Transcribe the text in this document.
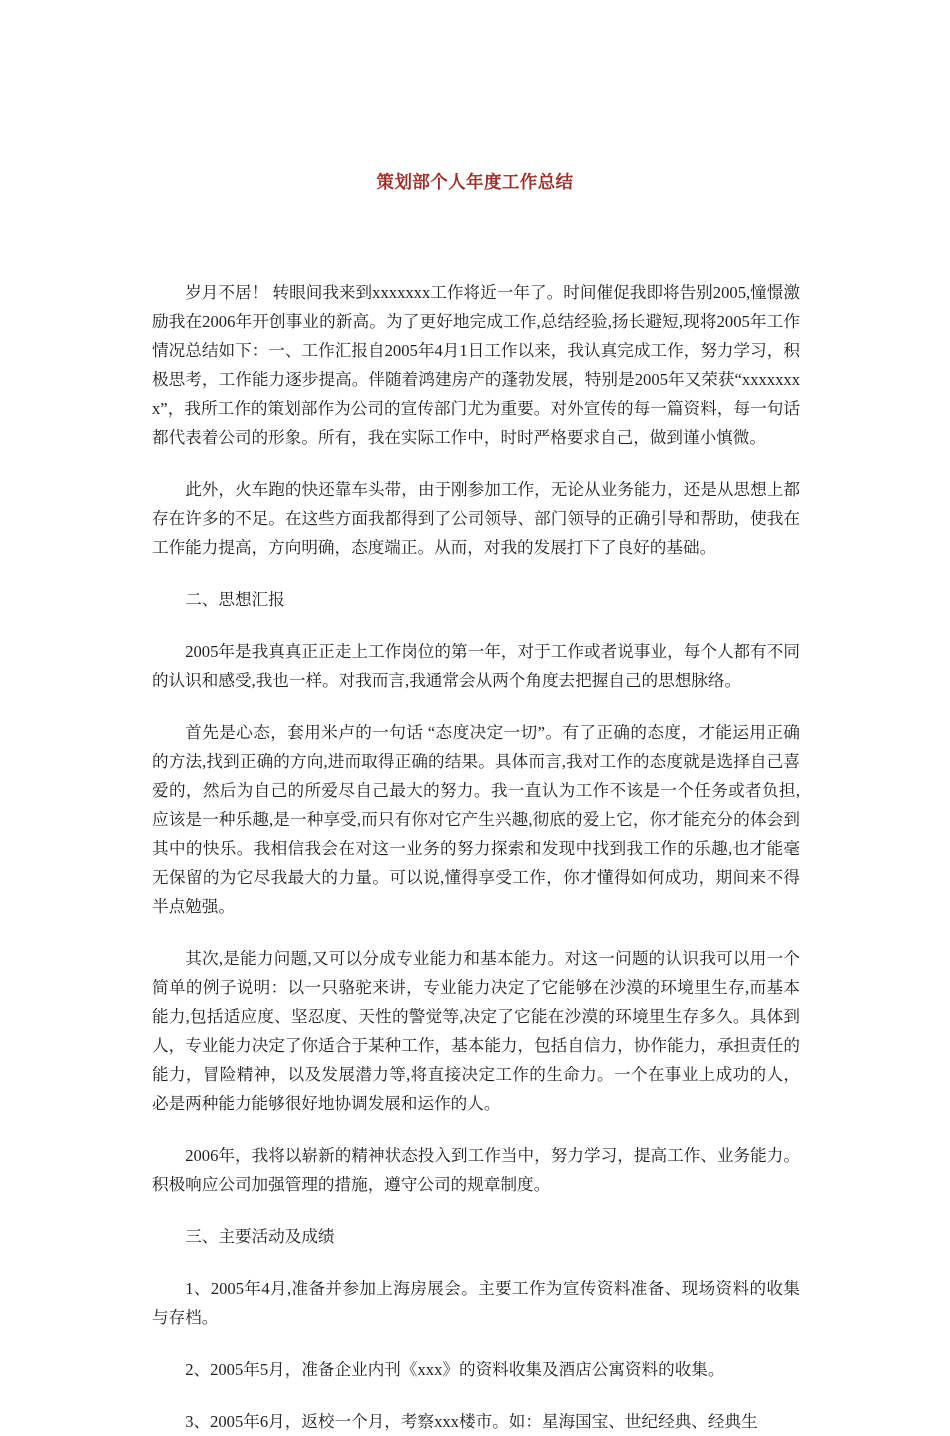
策划部个人年度工作总结

岁月不居！ 转眼间我来到xxxxxxx工作将近一年了。时间催促我即将告别2005,憧憬激励我在2006年开创事业的新高。为了更好地完成工作,总结经验,扬长避短,现将2005年工作情况总结如下：一、工作汇报自2005年4月1日工作以来，我认真完成工作，努力学习，积极思考，工作能力逐步提高。伴随着鸿建房产的蓬勃发展，特别是2005年又荣获“xxxxxxxx”，我所工作的策划部作为公司的宣传部门尤为重要。对外宣传的每一篇资料，每一句话都代表着公司的形象。所有，我在实际工作中，时时严格要求自己，做到谨小慎微。

此外，火车跑的快还靠车头带，由于刚参加工作，无论从业务能力，还是从思想上都存在许多的不足。在这些方面我都得到了公司领导、部门领导的正确引导和帮助，使我在工作能力提高，方向明确，态度端正。从而，对我的发展打下了良好的基础。

二、思想汇报

2005年是我真真正正走上工作岗位的第一年，对于工作或者说事业，每个人都有不同的认识和感受,我也一样。对我而言,我通常会从两个角度去把握自己的思想脉络。

首先是心态，套用米卢的一句话 “态度决定一切”。有了正确的态度，才能运用正确的方法,找到正确的方向,进而取得正确的结果。具体而言,我对工作的态度就是选择自己喜爱的，然后为自己的所爱尽自己最大的努力。我一直认为工作不该是一个任务或者负担,应该是一种乐趣,是一种享受,而只有你对它产生兴趣,彻底的爱上它，你才能充分的体会到其中的快乐。我相信我会在对这一业务的努力探索和发现中找到我工作的乐趣,也才能毫无保留的为它尽我最大的力量。可以说,懂得享受工作，你才懂得如何成功，期间来不得半点勉强。

其次,是能力问题,又可以分成专业能力和基本能力。对这一问题的认识我可以用一个简单的例子说明：以一只骆驼来讲，专业能力决定了它能够在沙漠的环境里生存,而基本能力,包括适应度、坚忍度、天性的警觉等,决定了它能在沙漠的环境里生存多久。具体到人，专业能力决定了你适合于某种工作，基本能力，包括自信力，协作能力，承担责任的能力，冒险精神，以及发展潜力等,将直接决定工作的生命力。一个在事业上成功的人，必是两种能力能够很好地协调发展和运作的人。

2006年，我将以崭新的精神状态投入到工作当中，努力学习，提高工作、业务能力。积极响应公司加强管理的措施，遵守公司的规章制度。

三、主要活动及成绩

1、2005年4月,准备并参加上海房展会。主要工作为宣传资料准备、现场资料的收集与存档。

2、2005年5月，准备企业内刊《xxx》的资料收集及酒店公寓资料的收集。

3、2005年6月，返校一个月，考察xxx楼市。如：星海国宝、世纪经典、经典生
